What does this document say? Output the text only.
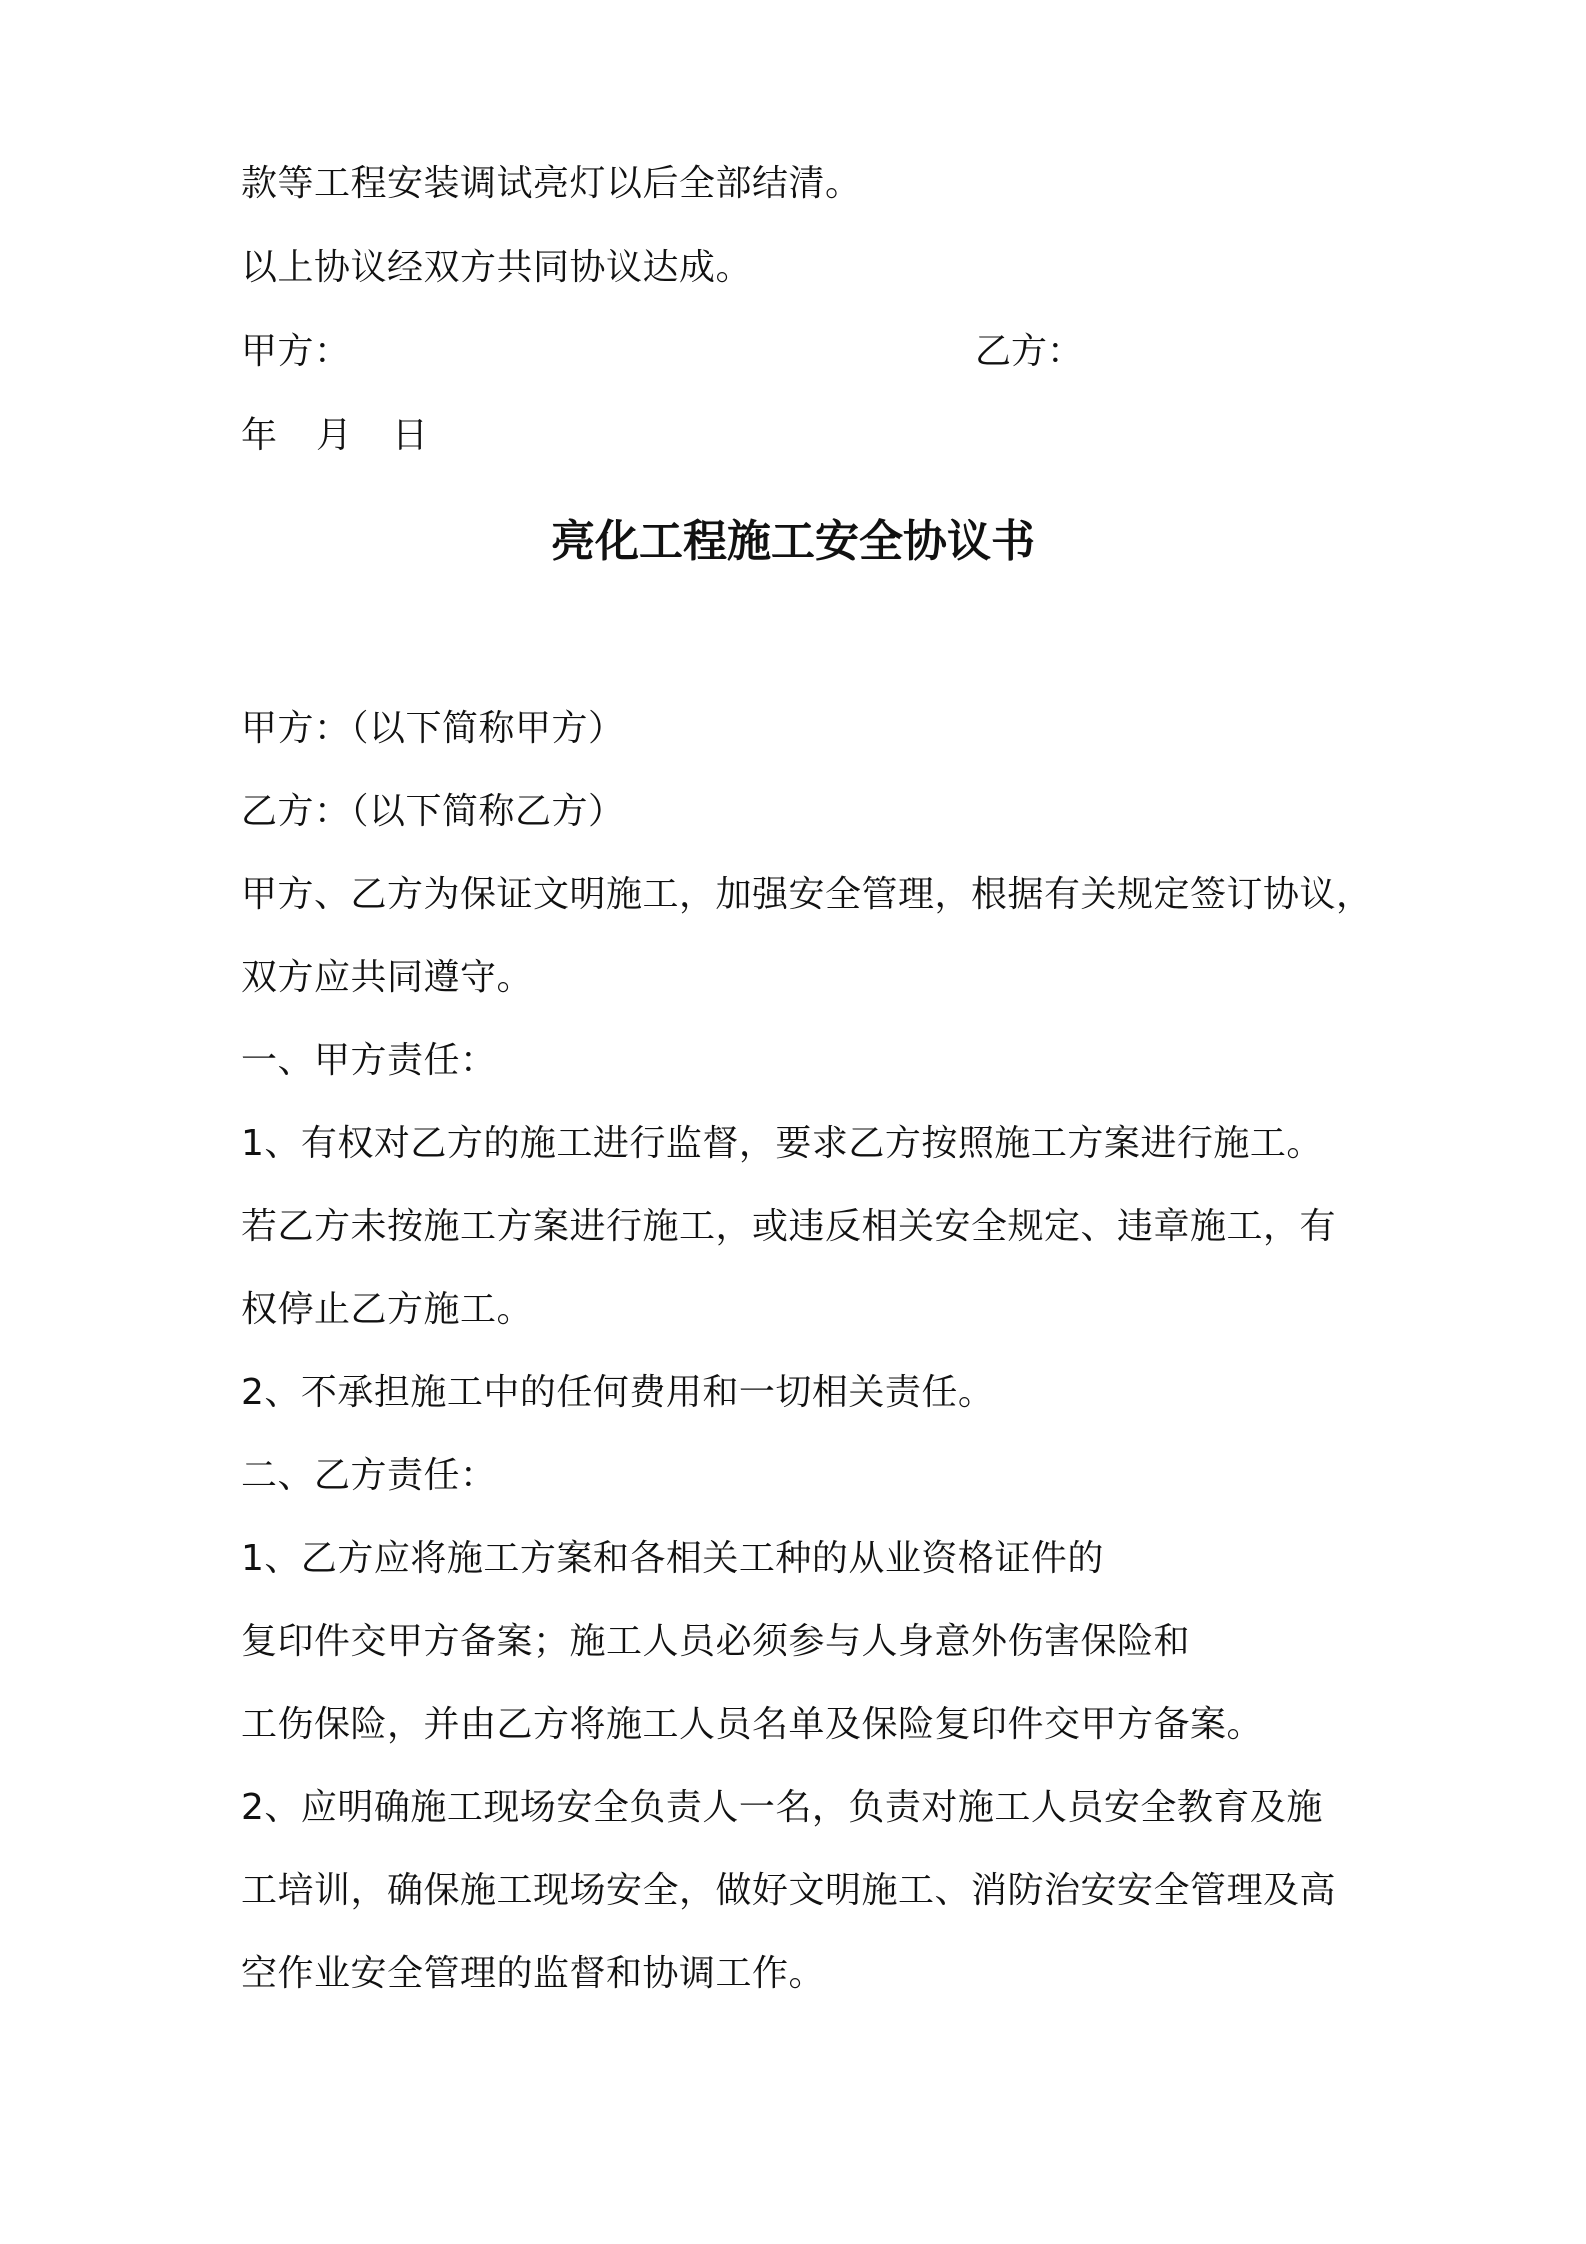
款等工程安装调试亮灯以后全部结清。
以上协议经双方共同协议达成。
甲方：	乙方：
年 月 日
亮化工程施工安全协议书
甲方：（以下简称甲方）
乙方：（以下简称乙方）
甲方、乙方为保证文明施工，加强安全管理，根据有关规定签订协议，
双方应共同遵守。
一、甲方责任：
1、有权对乙方的施工进行监督，要求乙方按照施工方案进行施工。
若乙方未按施工方案进行施工，或违反相关安全规定、违章施工，有
权停止乙方施工。
2、不承担施工中的任何费用和一切相关责任。
二、乙方责任：
1、乙方应将施工方案和各相关工种的从业资格证件的
复印件交甲方备案；施工人员必须参与人身意外伤害保险和
工伤保险，并由乙方将施工人员名单及保险复印件交甲方备案。
2、应明确施工现场安全负责人一名，负责对施工人员安全教育及施
工培训，确保施工现场安全，做好文明施工、消防治安安全管理及高
空作业安全管理的监督和协调工作。
